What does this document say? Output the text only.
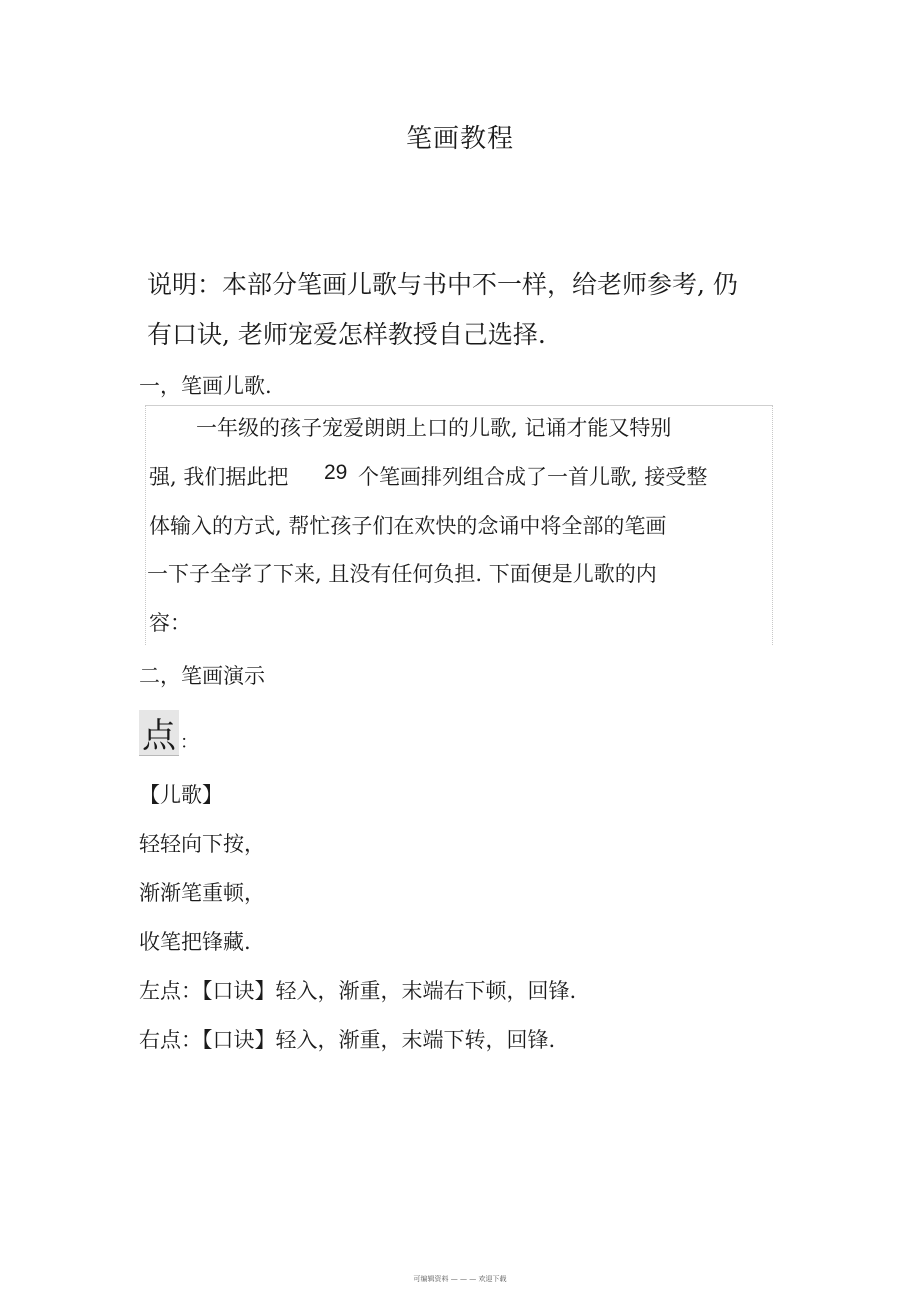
笔画教程
说明：本部分笔画儿歌与书中不一样，给老师参考, 仍
有口诀, 老师宠爱怎样教授自己选择.
一，笔画儿歌.
一年级的孩子宠爱朗朗上口的儿歌, 记诵才能又特别
强, 我们据此把 29 个笔画排列组合成了一首儿歌, 接受整
体输入的方式, 帮忙孩子们在欢快的念诵中将全部的笔画
一下子全学了下来, 且没有任何负担. 下面便是儿歌的内
容：
二，笔画演示
点 ：
【儿歌】
轻轻向下按，
渐渐笔重顿，
收笔把锋藏.
左点：【口诀】轻入，渐重，末端右下顿，回锋.
右点：【口诀】轻入，渐重，末端下转，回锋.
可编辑资料 — — — 欢迎下载
